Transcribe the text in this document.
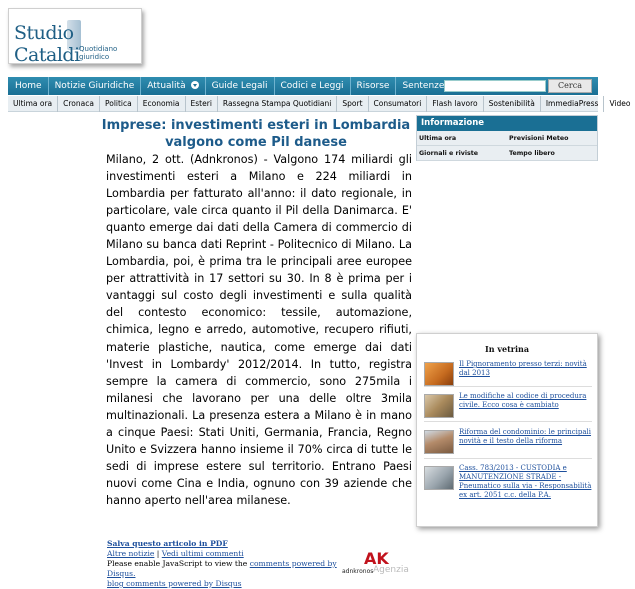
Studio Cataldi Quotidiano giuridico
Home	Notizie Giuridiche	Attualità	Guide Legali	Codici e Leggi	Risorse	Sentenze	Cerca
Ultima ora	Cronaca	Politica	Economia	Esteri	Rassegna Stampa Quotidiani	Sport	Consumatori	Flash lavoro	Sostenibilità	ImmediaPress	Video
Imprese: investimenti esteri in Lombardia
valgono come Pil danese
Milano, 2 ott. (Adnkronos) - Valgono 174 miliardi gli investimenti esteri a Milano e 224 miliardi in Lombardia per fatturato all'anno: il dato regionale, in particolare, vale circa quanto il Pil della Danimarca. E' quanto emerge dai dati della Camera di commercio di Milano su banca dati Reprint - Politecnico di Milano. La Lombardia, poi, è prima tra le principali aree europee per attrattività in 17 settori su 30. In 8 è prima per i vantaggi sul costo degli investimenti e sulla qualità del contesto economico: tessile, automazione, chimica, legno e arredo, automotive, recupero rifiuti, materie plastiche, nautica, come emerge dai dati 'Invest in Lombardy' 2012/2014. In tutto, registra sempre la camera di commercio, sono 275mila i milanesi che lavorano per una delle oltre 3mila multinazionali. La presenza estera a Milano è in mano a cinque Paesi: Stati Uniti, Germania, Francia, Regno Unito e Svizzera hanno insieme il 70% circa di tutte le sedi di imprese estere sul territorio. Entrano Paesi nuovi come Cina e India, ognuno con 39 aziende che hanno aperto nell'area milanese.
Salva questo articolo in PDF
Altre notizie | Vedi ultimi commenti
Please enable JavaScript to view the comments powered by Disqus.
blog comments powered by Disqus
AK
adnkronos Agenzia
Informazione
Ultima ora	Previsioni Meteo
Giornali e riviste	Tempo libero
In vetrina
Il Pignoramento presso terzi: novità dal 2013
Le modifiche al codice di procedura civile. Ecco cosa è cambiato
Riforma del condominio: le principali novità e il testo della riforma
Cass. 783/2013 - CUSTODIA e MANUTENZIONE STRADE - Pneumatico sulla via - Responsabilità ex art. 2051 c.c. della P.A.
